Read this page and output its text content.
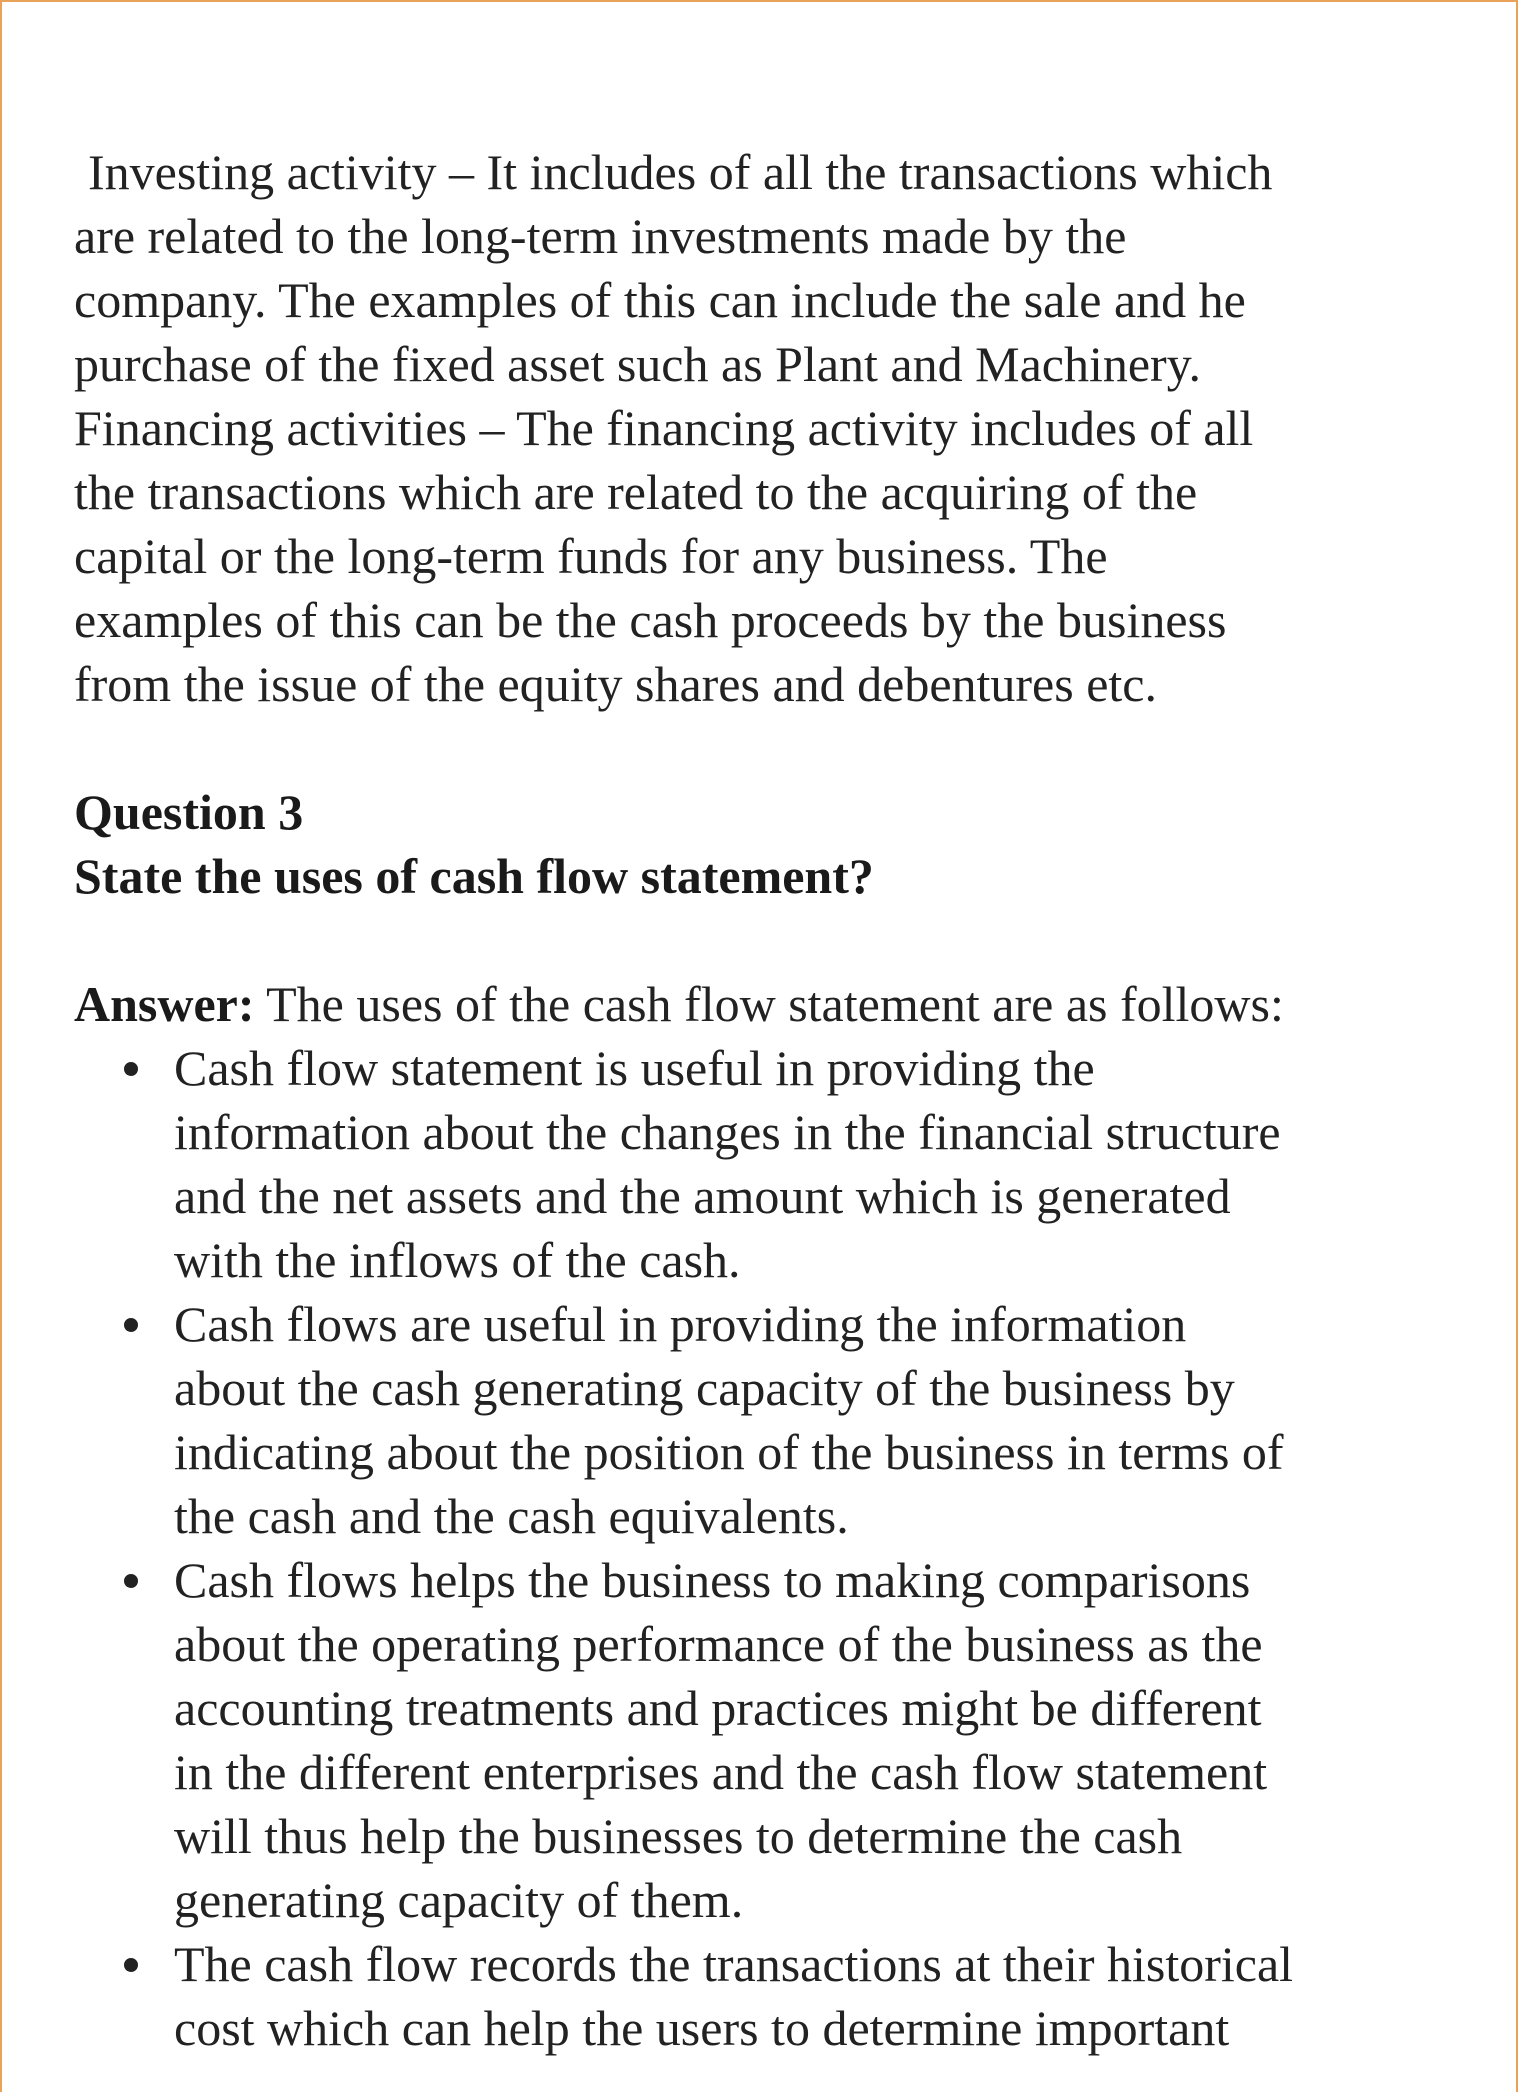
Investing activity – It includes of all the transactions which
are related to the long-term investments made by the
company. The examples of this can include the sale and he
purchase of the fixed asset such as Plant and Machinery.
Financing activities – The financing activity includes of all
the transactions which are related to the acquiring of the
capital or the long-term funds for any business. The
examples of this can be the cash proceeds by the business
from the issue of the equity shares and debentures etc.
Question 3
State the uses of cash flow statement?
Answer: The uses of the cash flow statement are as follows:
Cash flow statement is useful in providing the
information about the changes in the financial structure
and the net assets and the amount which is generated
with the inflows of the cash.
Cash flows are useful in providing the information
about the cash generating capacity of the business by
indicating about the position of the business in terms of
the cash and the cash equivalents.
Cash flows helps the business to making comparisons
about the operating performance of the business as the
accounting treatments and practices might be different
in the different enterprises and the cash flow statement
will thus help the businesses to determine the cash
generating capacity of them.
The cash flow records the transactions at their historical
cost which can help the users to determine important
